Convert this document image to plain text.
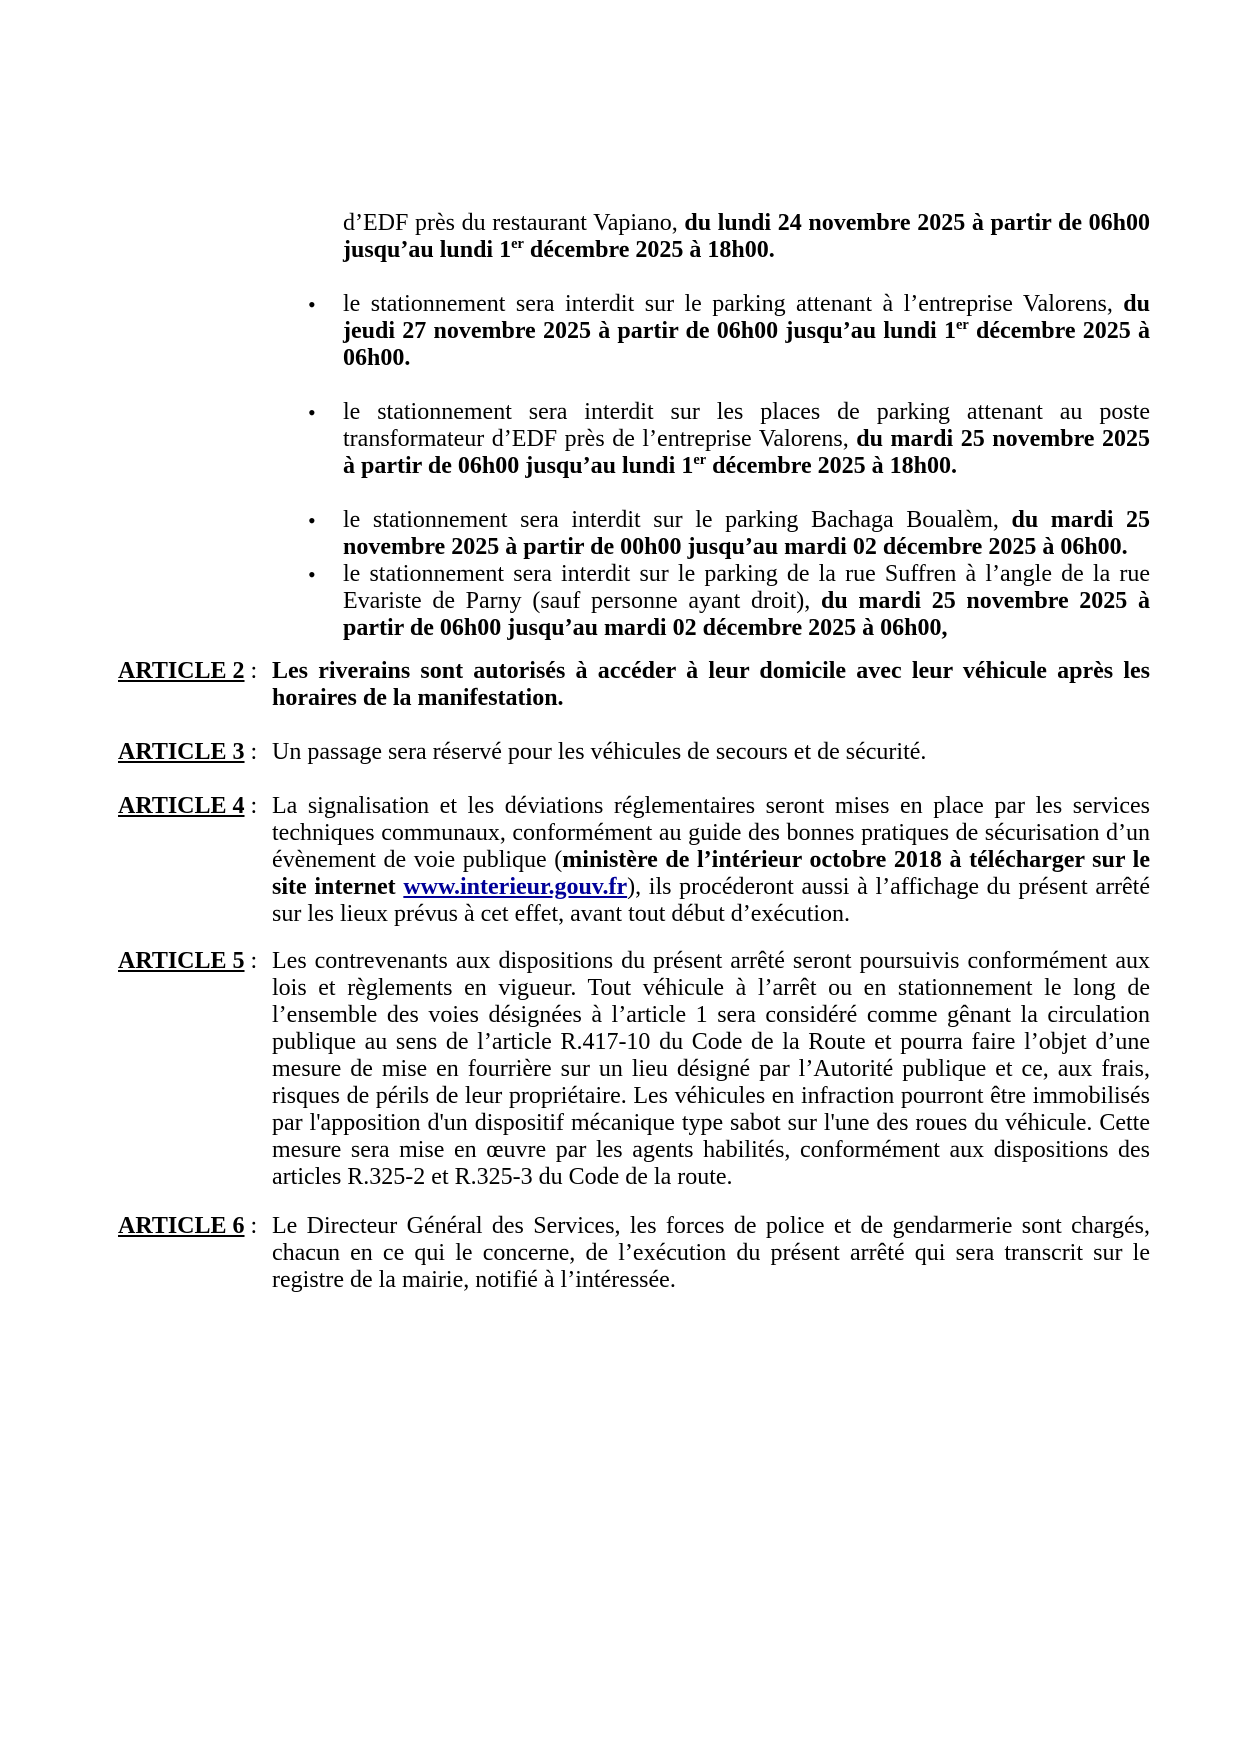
d’EDF près du restaurant Vapiano, du lundi 24 novembre 2025 à partir de 06h00 jusqu’au lundi 1er décembre 2025 à 18h00.

•	le stationnement sera interdit sur le parking attenant à l’entreprise Valorens, du jeudi 27 novembre 2025 à partir de 06h00 jusqu’au lundi 1er décembre 2025 à 06h00.

•	le stationnement sera interdit sur les places de parking attenant au poste transformateur d’EDF près de l’entreprise Valorens, du mardi 25 novembre 2025 à partir de 06h00 jusqu’au lundi 1er décembre 2025 à 18h00.

•	le stationnement sera interdit sur le parking Bachaga Boualèm, du mardi 25 novembre 2025 à partir de 00h00 jusqu’au mardi 02 décembre 2025 à 06h00.

•	le stationnement sera interdit sur le parking de la rue Suffren à l’angle de la rue Evariste de Parny (sauf personne ayant droit), du mardi 25 novembre 2025 à partir de 06h00 jusqu’au mardi 02 décembre 2025 à 06h00,

ARTICLE 2 : Les riverains sont autorisés à accéder à leur domicile avec leur véhicule après les horaires de la manifestation.

ARTICLE 3 : Un passage sera réservé pour les véhicules de secours et de sécurité.

ARTICLE 4 : La signalisation et les déviations réglementaires seront mises en place par les services techniques communaux, conformément au guide des bonnes pratiques de sécurisation d’un évènement de voie publique (ministère de l’intérieur octobre 2018 à télécharger sur le site internet www.interieur.gouv.fr), ils procéderont aussi à l’affichage du présent arrêté sur les lieux prévus à cet effet, avant tout début d’exécution.

ARTICLE 5 : Les contrevenants aux dispositions du présent arrêté seront poursuivis conformément aux lois et règlements en vigueur. Tout véhicule à l’arrêt ou en stationnement le long de l’ensemble des voies désignées à l’article 1 sera considéré comme gênant la circulation publique au sens de l’article R.417-10 du Code de la Route et pourra faire l’objet d’une mesure de mise en fourrière sur un lieu désigné par l’Autorité publique et ce, aux frais, risques de périls de leur propriétaire. Les véhicules en infraction pourront être immobilisés par l'apposition d'un dispositif mécanique type sabot sur l'une des roues du véhicule. Cette mesure sera mise en œuvre par les agents habilités, conformément aux dispositions des articles R.325-2 et R.325-3 du Code de la route.

ARTICLE 6 : Le Directeur Général des Services, les forces de police et de gendarmerie sont chargés, chacun en ce qui le concerne, de l’exécution du présent arrêté qui sera transcrit sur le registre de la mairie, notifié à l’intéressée.
